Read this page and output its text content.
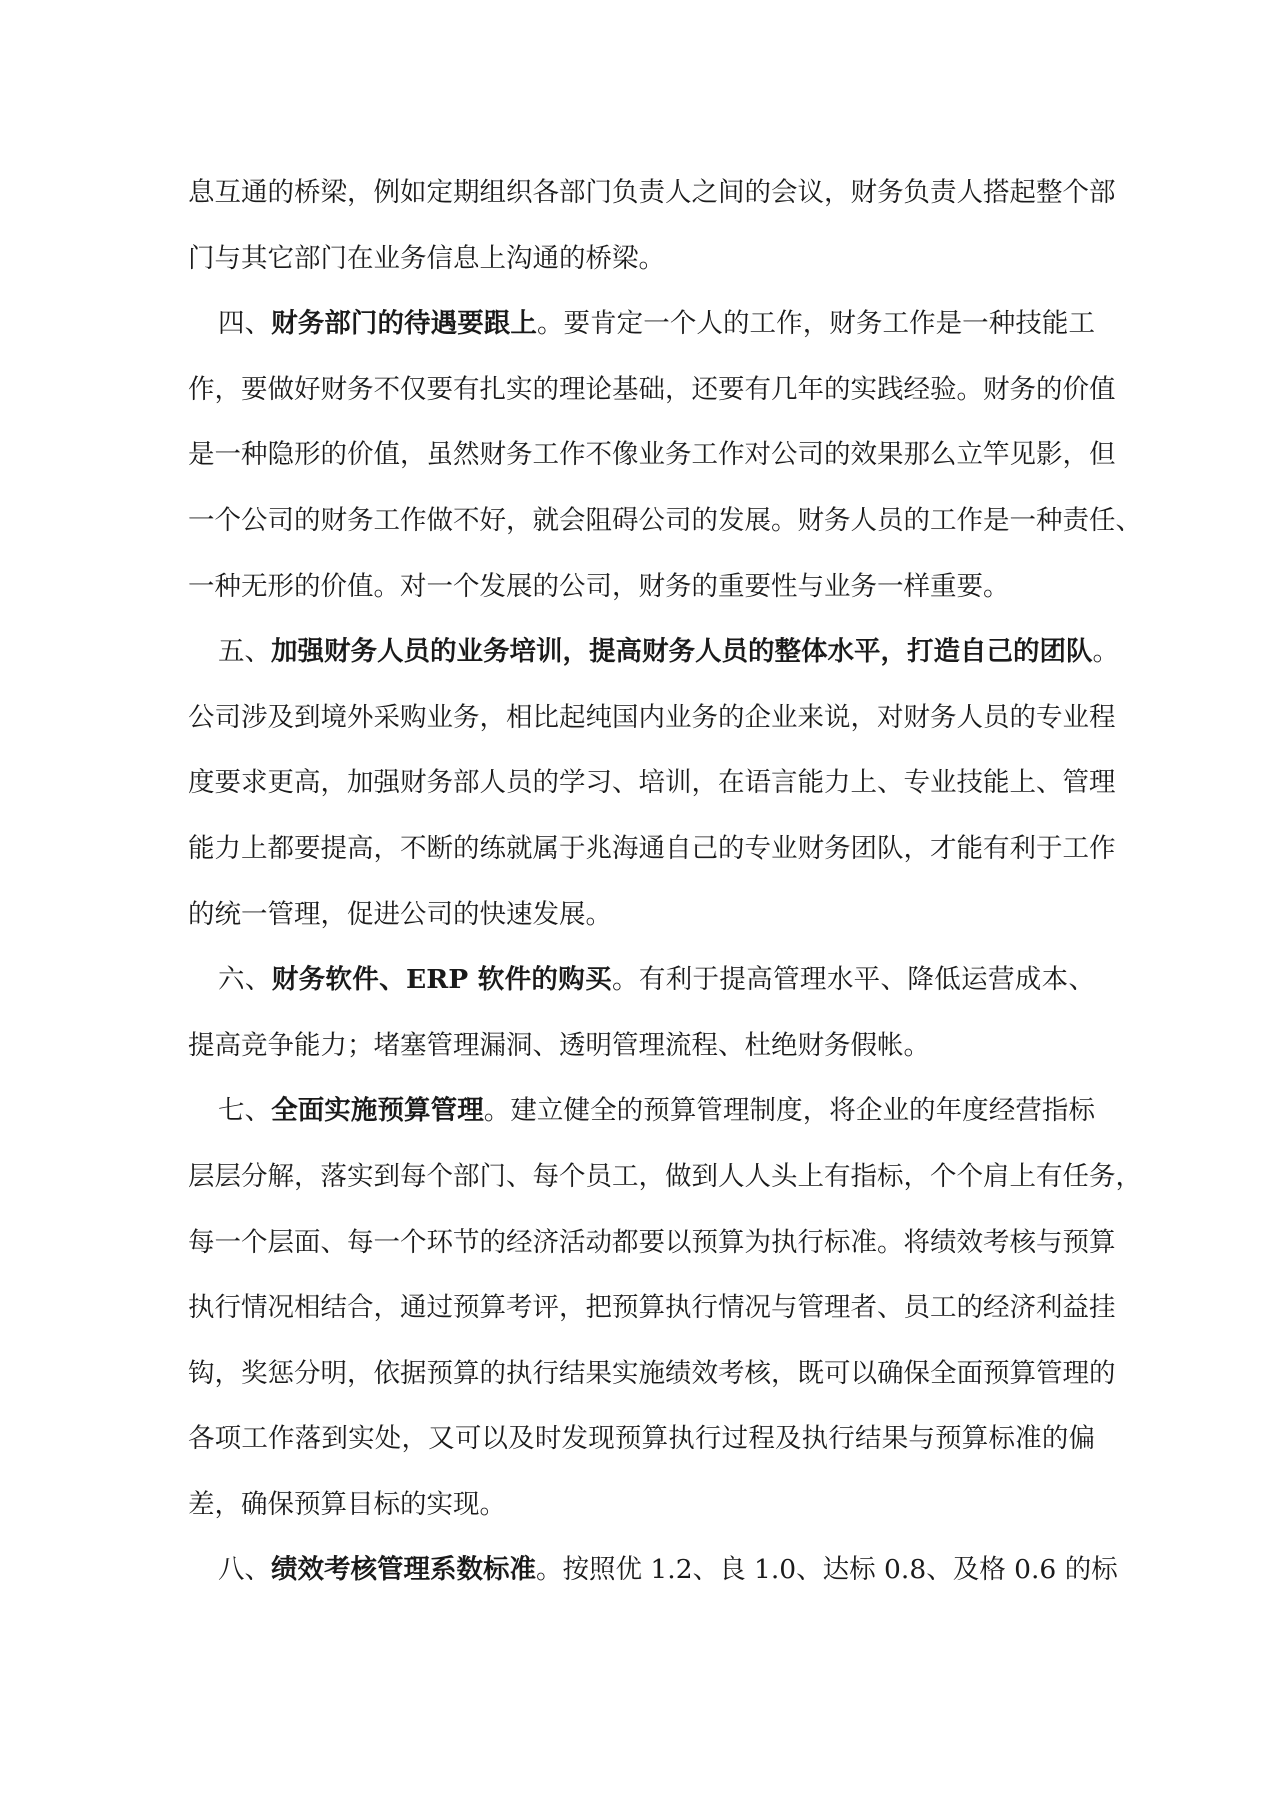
息互通的桥梁，例如定期组织各部门负责人之间的会议，财务负责人搭起整个部
门与其它部门在业务信息上沟通的桥梁。
四、财务部门的待遇要跟上。要肯定一个人的工作，财务工作是一种技能工
作，要做好财务不仅要有扎实的理论基础，还要有几年的实践经验。财务的价值
是一种隐形的价值，虽然财务工作不像业务工作对公司的效果那么立竿见影，但
一个公司的财务工作做不好，就会阻碍公司的发展。财务人员的工作是一种责任、
一种无形的价值。对一个发展的公司，财务的重要性与业务一样重要。
五、加强财务人员的业务培训，提高财务人员的整体水平，打造自己的团队。
公司涉及到境外采购业务，相比起纯国内业务的企业来说，对财务人员的专业程
度要求更高，加强财务部人员的学习、培训，在语言能力上、专业技能上、管理
能力上都要提高，不断的练就属于兆海通自己的专业财务团队，才能有利于工作
的统一管理，促进公司的快速发展。
六、财务软件、ERP 软件的购买。有利于提高管理水平、降低运营成本、
提高竞争能力；堵塞管理漏洞、透明管理流程、杜绝财务假帐。
七、全面实施预算管理。建立健全的预算管理制度，将企业的年度经营指标
层层分解，落实到每个部门、每个员工，做到人人头上有指标，个个肩上有任务，
每一个层面、每一个环节的经济活动都要以预算为执行标准。将绩效考核与预算
执行情况相结合，通过预算考评，把预算执行情况与管理者、员工的经济利益挂
钩，奖惩分明，依据预算的执行结果实施绩效考核，既可以确保全面预算管理的
各项工作落到实处，又可以及时发现预算执行过程及执行结果与预算标准的偏
差，确保预算目标的实现。
八、绩效考核管理系数标准。按照优 1.2、良 1.0、达标 0.8、及格 0.6 的标
